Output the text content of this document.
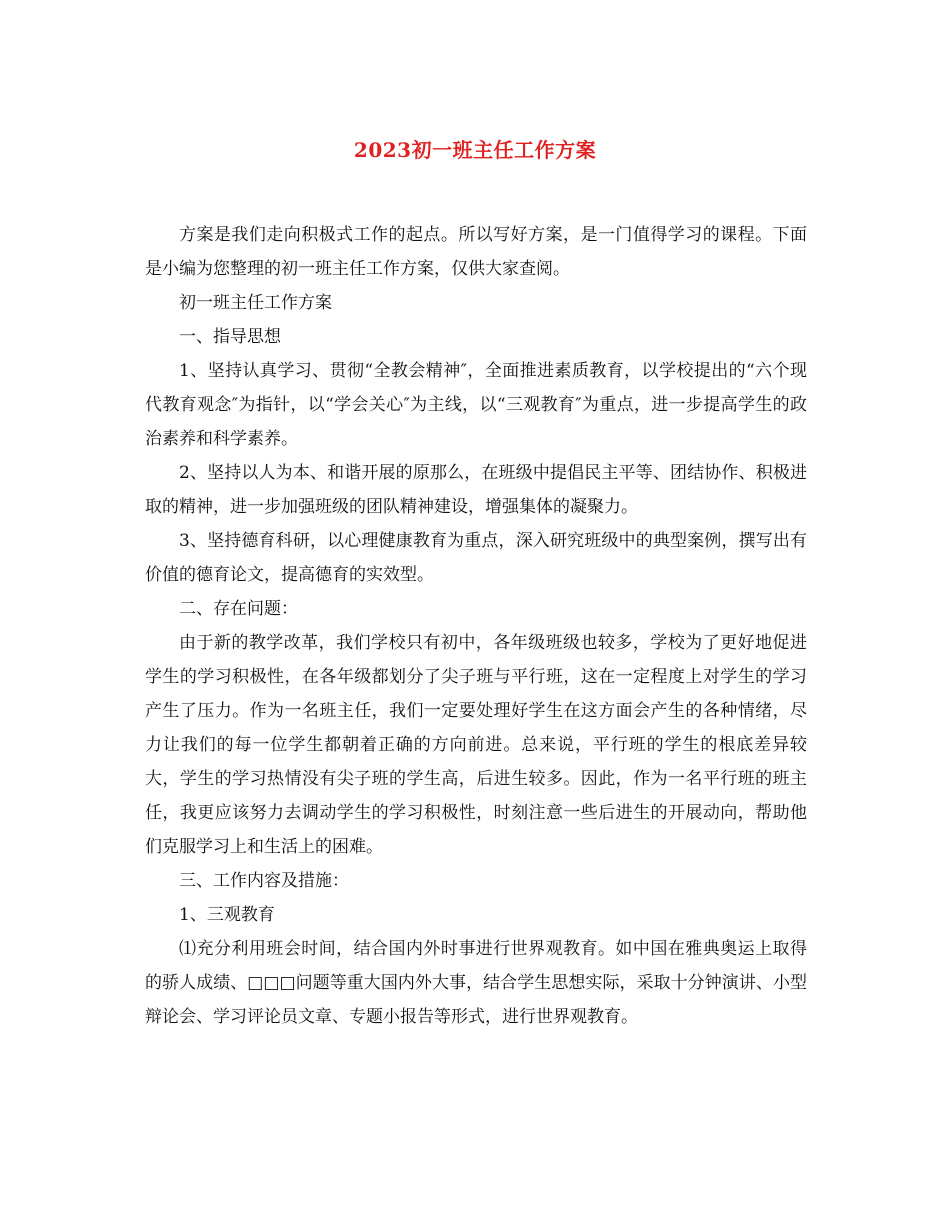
2023初一班主任工作方案

方案是我们走向积极式工作的起点。所以写好方案，是一门值得学习的课程。下面是小编为您整理的初一班主任工作方案，仅供大家查阅。

初一班主任工作方案

一、指导思想

1、坚持认真学习、贯彻“全教会精神″，全面推进素质教育，以学校提出的“六个现代教育观念″为指针，以“学会关心″为主线，以“三观教育″为重点，进一步提高学生的政治素养和科学素养。

2、坚持以人为本、和谐开展的原那么，在班级中提倡民主平等、团结协作、积极进取的精神，进一步加强班级的团队精神建设，增强集体的凝聚力。

3、坚持德育科研，以心理健康教育为重点，深入研究班级中的典型案例，撰写出有价值的德育论文，提高德育的实效型。

二、存在问题：

由于新的教学改革，我们学校只有初中，各年级班级也较多，学校为了更好地促进学生的学习积极性，在各年级都划分了尖子班与平行班，这在一定程度上对学生的学习产生了压力。作为一名班主任，我们一定要处理好学生在这方面会产生的各种情绪，尽力让我们的每一位学生都朝着正确的方向前进。总来说，平行班的学生的根底差异较大，学生的学习热情没有尖子班的学生高，后进生较多。因此，作为一名平行班的班主任，我更应该努力去调动学生的学习积极性，时刻注意一些后进生的开展动向，帮助他们克服学习上和生活上的困难。

三、工作内容及措施：

1、三观教育

⑴充分利用班会时间，结合国内外时事进行世界观教育。如中国在雅典奥运上取得的骄人成绩、□□□问题等重大国内外大事，结合学生思想实际，采取十分钟演讲、小型辩论会、学习评论员文章、专题小报告等形式，进行世界观教育。
